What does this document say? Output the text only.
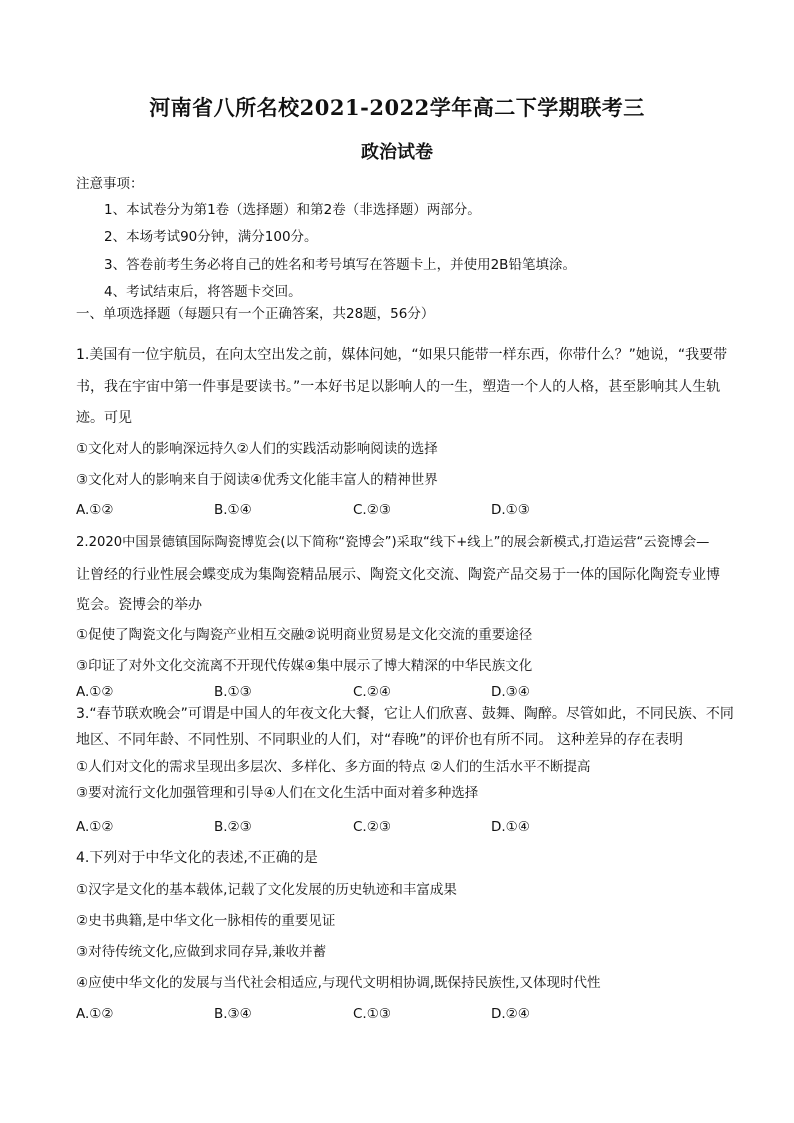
河南省八所名校2021-2022学年高二下学期联考三
政治试卷
注意事项：
1、本试卷分为第1卷（选择题）和第2卷（非选择题）两部分。
2、本场考试90分钟，满分100分。
3、答卷前考生务必将自己的姓名和考号填写在答题卡上，并使用2B铅笔填涂。
4、考试结束后，将答题卡交回。
一、单项选择题（每题只有一个正确答案，共28题，56分）
1.美国有一位宇航员，在向太空出发之前，媒体问她，“如果只能带一样东西，你带什么？”她说，“我要带
书，我在宇宙中第一件事是要读书。”一本好书足以影响人的一生，塑造一个人的人格，甚至影响其人生轨
迹。可见
①文化对人的影响深远持久②人们的实践活动影响阅读的选择
③文化对人的影响来自于阅读④优秀文化能丰富人的精神世界
A.①②	B.①④	C.②③	D.①③
2.2020中国景德镇国际陶瓷博览会(以下简称“瓷博会”)采取“线下+线上”的展会新模式,打造运营“云瓷博会—
让曾经的行业性展会蝶变成为集陶瓷精品展示、陶瓷文化交流、陶瓷产品交易于一体的国际化陶瓷专业博
览会。瓷博会的举办
①促使了陶瓷文化与陶瓷产业相互交融②说明商业贸易是文化交流的重要途径
③印证了对外文化交流离不开现代传媒④集中展示了博大精深的中华民族文化
A.①②	B.①③	C.②④	D.③④
3.“春节联欢晚会”可谓是中国人的年夜文化大餐，它让人们欣喜、鼓舞、陶醉。尽管如此，不同民族、不同
地区、不同年龄、不同性别、不同职业的人们，对“春晚”的评价也有所不同。 这种差异的存在表明
①人们对文化的需求呈现出多层次、多样化、多方面的特点 ②人们的生活水平不断提高
③要对流行文化加强管理和引导④人们在文化生活中面对着多种选择
A.①②	B.②③	C.②③	D.①④
4.下列对于中华文化的表述,不正确的是
①汉字是文化的基本载体,记载了文化发展的历史轨迹和丰富成果
②史书典籍,是中华文化一脉相传的重要见证
③对待传统文化,应做到求同存异,兼收并蓄
④应使中华文化的发展与当代社会相适应,与现代文明相协调,既保持民族性,又体现时代性
A.①②	B.③④	C.①③	D.②④
